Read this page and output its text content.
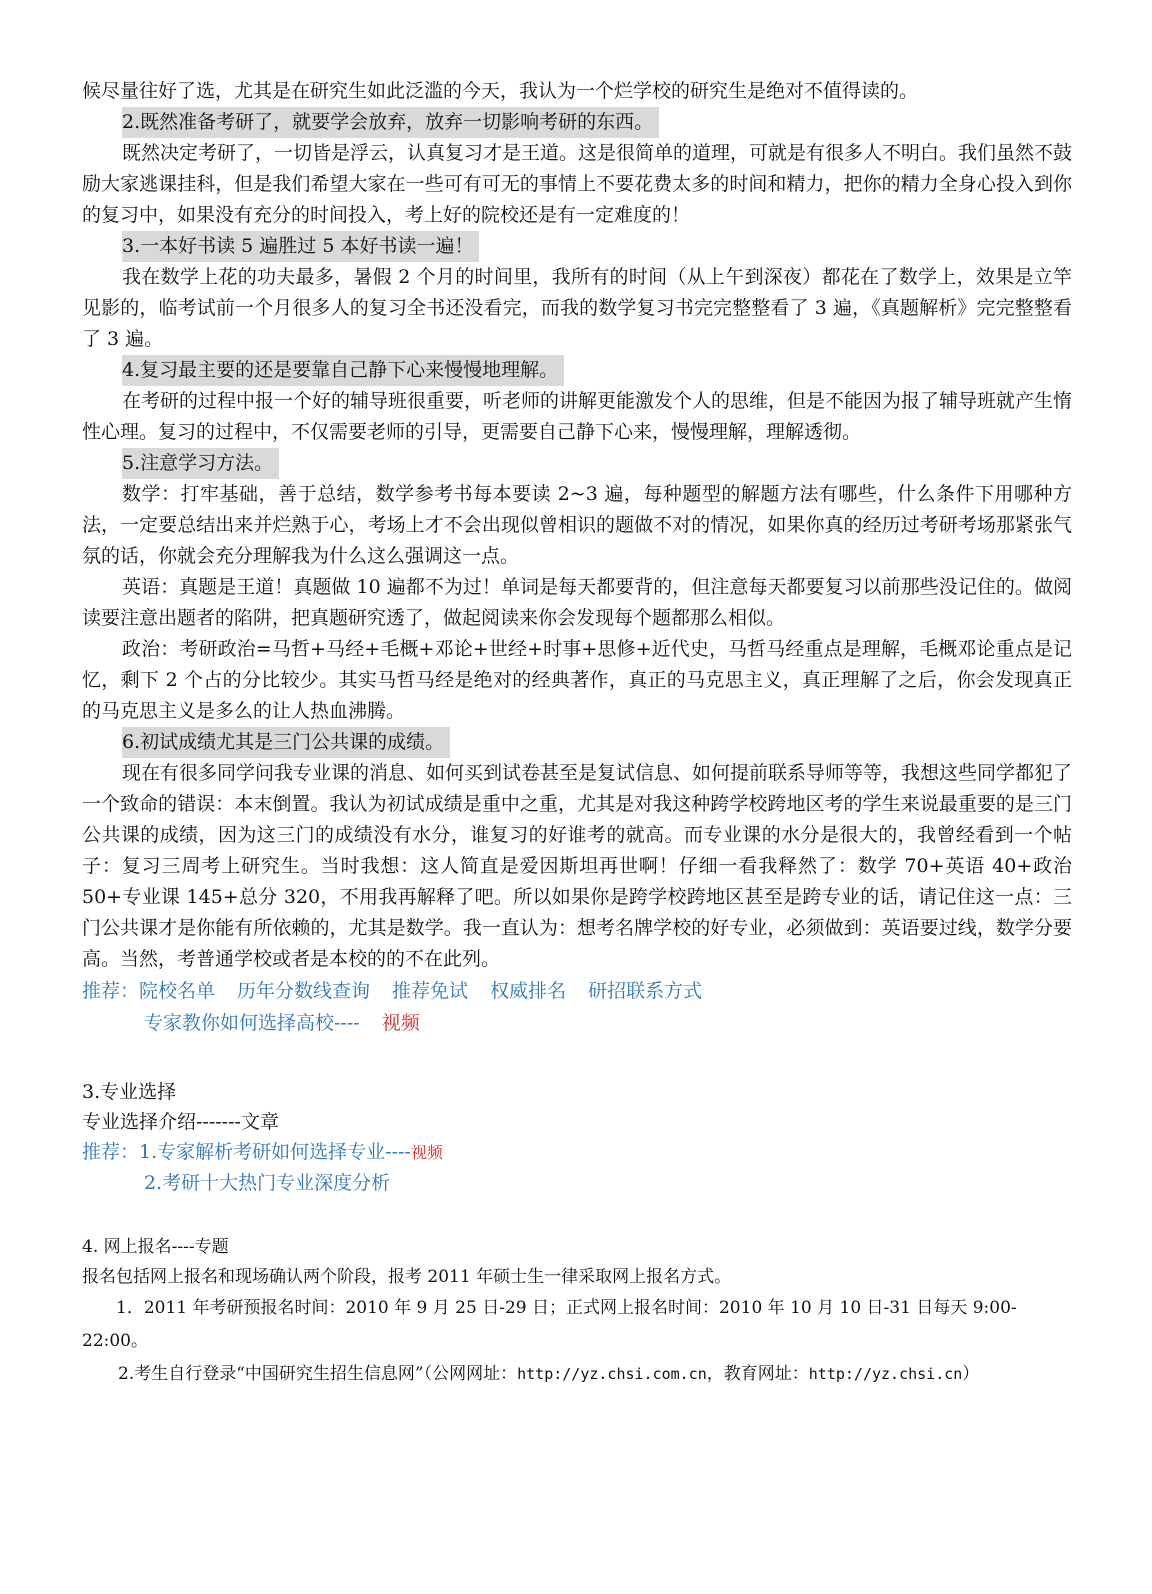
候尽量往好了选，尤其是在研究生如此泛滥的今天，我认为一个烂学校的研究生是绝对不值得读的。

2.既然准备考研了，就要学会放弃，放弃一切影响考研的东西。

既然决定考研了，一切皆是浮云，认真复习才是王道。这是很简单的道理，可就是有很多人不明白。我们虽然不鼓励大家逃课挂科，但是我们希望大家在一些可有可无的事情上不要花费太多的时间和精力，把你的精力全身心投入到你的复习中，如果没有充分的时间投入，考上好的院校还是有一定难度的！

3.一本好书读 5 遍胜过 5 本好书读一遍！

我在数学上花的功夫最多，暑假 2 个月的时间里，我所有的时间（从上午到深夜）都花在了数学上，效果是立竿见影的，临考试前一个月很多人的复习全书还没看完，而我的数学复习书完完整整看了 3 遍，《真题解析》完完整整看了 3 遍。

4.复习最主要的还是要靠自己静下心来慢慢地理解。

在考研的过程中报一个好的辅导班很重要，听老师的讲解更能激发个人的思维，但是不能因为报了辅导班就产生惰性心理。复习的过程中，不仅需要老师的引导，更需要自己静下心来，慢慢理解，理解透彻。

5.注意学习方法。

数学：打牢基础，善于总结，数学参考书每本要读 2~3 遍，每种题型的解题方法有哪些，什么条件下用哪种方法，一定要总结出来并烂熟于心，考场上才不会出现似曾相识的题做不对的情况，如果你真的经历过考研考场那紧张气氛的话，你就会充分理解我为什么这么强调这一点。

英语：真题是王道！真题做 10 遍都不为过！单词是每天都要背的，但注意每天都要复习以前那些没记住的。做阅读要注意出题者的陷阱，把真题研究透了，做起阅读来你会发现每个题都那么相似。

政治：考研政治=马哲+马经+毛概+邓论+世经+时事+思修+近代史，马哲马经重点是理解，毛概邓论重点是记忆，剩下 2 个占的分比较少。其实马哲马经是绝对的经典著作，真正的马克思主义，真正理解了之后，你会发现真正的马克思主义是多么的让人热血沸腾。

6.初试成绩尤其是三门公共课的成绩。

现在有很多同学问我专业课的消息、如何买到试卷甚至是复试信息、如何提前联系导师等等，我想这些同学都犯了一个致命的错误：本末倒置。我认为初试成绩是重中之重，尤其是对我这种跨学校跨地区考的学生来说最重要的是三门公共课的成绩，因为这三门的成绩没有水分，谁复习的好谁考的就高。而专业课的水分是很大的，我曾经看到一个帖子：复习三周考上研究生。当时我想：这人简直是爱因斯坦再世啊！仔细一看我释然了：数学 70+英语 40+政治 50+专业课 145+总分 320，不用我再解释了吧。所以如果你是跨学校跨地区甚至是跨专业的话，请记住这一点：三门公共课才是你能有所依赖的，尤其是数学。我一直认为：想考名牌学校的好专业，必须做到：英语要过线，数学分要高。当然，考普通学校或者是本校的的不在此列。

推荐：院校名单 历年分数线查询 推荐免试 权威排名 研招联系方式

专家教你如何选择高校---- 视频

3.专业选择

专业选择介绍-------文章

推荐：1.专家解析考研如何选择专业----视频

2.考研十大热门专业深度分析

4. 网上报名----专题

报名包括网上报名和现场确认两个阶段，报考 2011 年硕士生一律采取网上报名方式。

1．2011 年考研预报名时间：2010 年 9 月 25 日-29 日；正式网上报名时间：2010 年 10 月 10 日-31 日每天 9:00-22:00。

2.考生自行登录“中国研究生招生信息网”（公网网址：http://yz.chsi.com.cn，教育网址：http://yz.chsi.cn）
